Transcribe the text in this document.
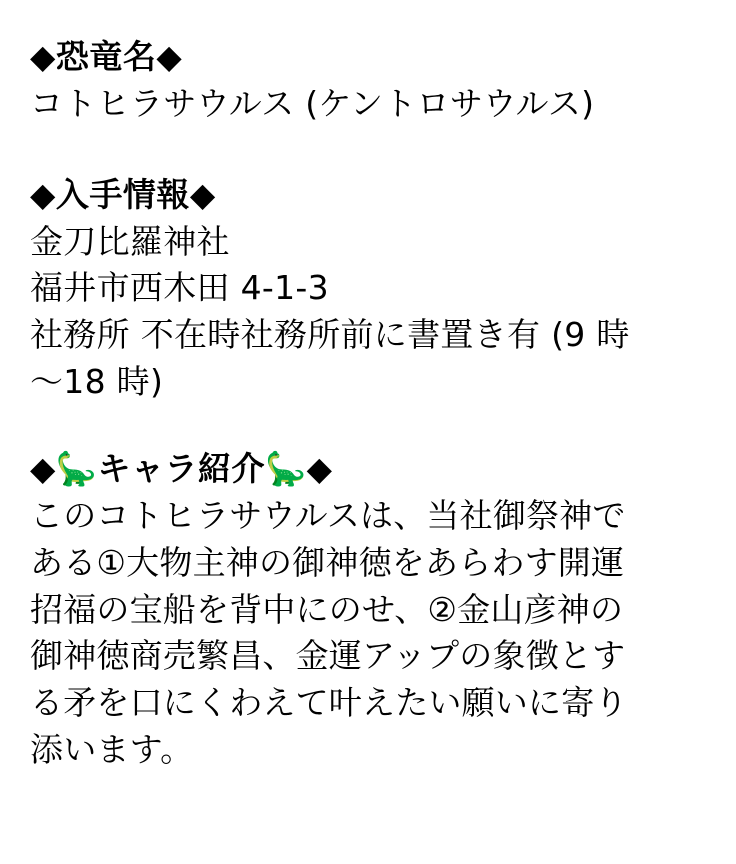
◆恐竜名◆
コトヒラサウルス (ケントロサウルス)
◆入手情報◆
金刀比羅神社
福井市西木田 4-1-3
社務所 不在時社務所前に書置き有 (9 時
〜18 時)
◆🦕キャラ紹介🦕◆
このコトヒラサウルスは、当社御祭神で
ある①大物主神の御神徳をあらわす開運
招福の宝船を背中にのせ、②金山彦神の
御神徳商売繁昌、金運アップの象徴とす
る矛を口にくわえて叶えたい願いに寄り
添います。
